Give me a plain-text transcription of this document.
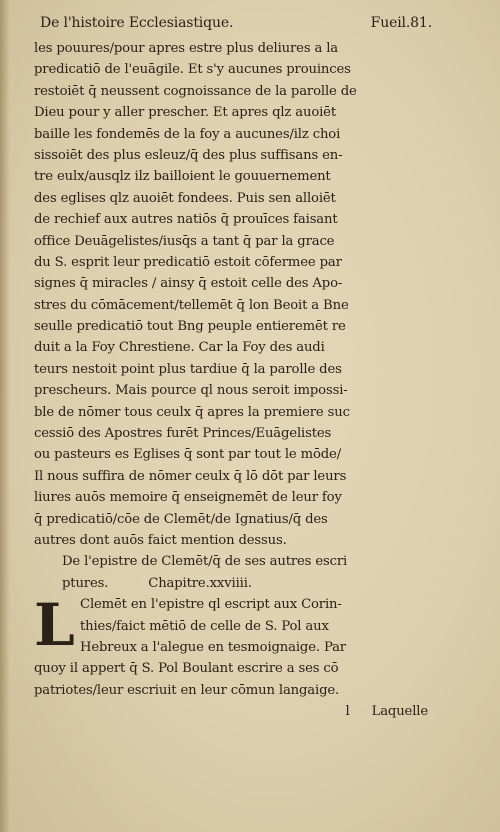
De l'histoire Ecclesiastique.	Fueil.81.
les pouures/pour apres estre plus deliures a la
predicatiō de l'euāgile. Et s'y aucunes prouinces
restoiēt q̄ neussent cognoissance de la parolle de
Dieu pour y aller prescher. Et apres qlz auoiēt
baille les fondemēs de la foy a aucunes/ilz choi
sissoiēt des plus esleuz/q̄ des plus suffisans en-
tre eulx/ausqlz ilz bailloient le gouuernement
des eglises qlz auoiēt fondees. Puis sen alloiēt
de rechief aux autres natiōs q̄ prouīces faisant
office Deuāgelistes/iusq̄s a tant q̄ par la grace
du S. esprit leur predicatiō estoit cōfermee par
signes q̄ miracles / ainsy q̄ estoit celle des Apo-
stres du cōmācement/tellemēt q̄ lon Beoit a Bne
seulle predicatiō tout Bng peuple entieremēt re
duit a la Foy Chrestiene. Car la Foy des audi
teurs nestoit point plus tardiue q̄ la parolle des
prescheurs. Mais pource ql nous seroit impossi-
ble de nōmer tous ceulx q̄ apres la premiere suc
cessiō des Apostres furēt Princes/Euāgelistes
ou pasteurs es Eglises q̄ sont par tout le mōde/
Il nous suffira de nōmer ceulx q̄ lō dōt par leurs
liures auōs memoire q̄ enseignemēt de leur foy
q̄ predicatiō/cōe de Clemēt/de Ignatius/q̄ des
autres dont auōs faict mention dessus.
De l'epistre de Clemēt/q̄ de ses autres escri
ptures.	Chapitre.xxviiii.
L Clemēt en l'epistre ql escript aux Corin-
thies/faict mētiō de celle de S. Pol aux
Hebreux a l'alegue en tesmoignaige. Par
quoy il appert q̄ S. Pol Boulant escrire a ses cō
patriotes/leur escriuit en leur cōmun langaige.
l Laquelle
